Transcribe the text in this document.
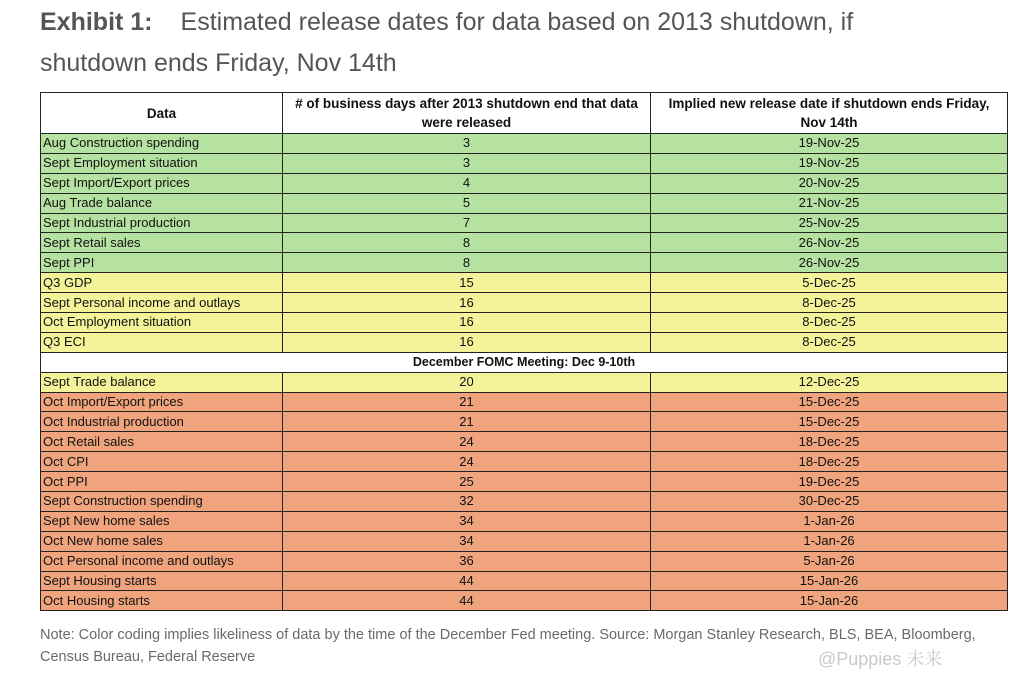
Exhibit 1: Estimated release dates for data based on 2013 shutdown, if
shutdown ends Friday, Nov 14th
Data	# of business days after 2013 shutdown end that data were released	Implied new release date if shutdown ends Friday, Nov 14th
Aug Construction spending	3	19-Nov-25
Sept Employment situation	3	19-Nov-25
Sept Import/Export prices	4	20-Nov-25
Aug Trade balance	5	21-Nov-25
Sept Industrial production	7	25-Nov-25
Sept Retail sales	8	26-Nov-25
Sept PPI	8	26-Nov-25
Q3 GDP	15	5-Dec-25
Sept Personal income and outlays	16	8-Dec-25
Oct Employment situation	16	8-Dec-25
Q3 ECI	16	8-Dec-25
December FOMC Meeting: Dec 9-10th		
Sept Trade balance	20	12-Dec-25
Oct Import/Export prices	21	15-Dec-25
Oct Industrial production	21	15-Dec-25
Oct Retail sales	24	18-Dec-25
Oct CPI	24	18-Dec-25
Oct PPI	25	19-Dec-25
Sept Construction spending	32	30-Dec-25
Sept New home sales	34	1-Jan-26
Oct New home sales	34	1-Jan-26
Oct Personal income and outlays	36	5-Jan-26
Sept Housing starts	44	15-Jan-26
Oct Housing starts	44	15-Jan-26
Note: Color coding implies likeliness of data by the time of the December Fed meeting. Source: Morgan Stanley Research, BLS, BEA, Bloomberg, Census Bureau, Federal Reserve	@Puppies 未来
